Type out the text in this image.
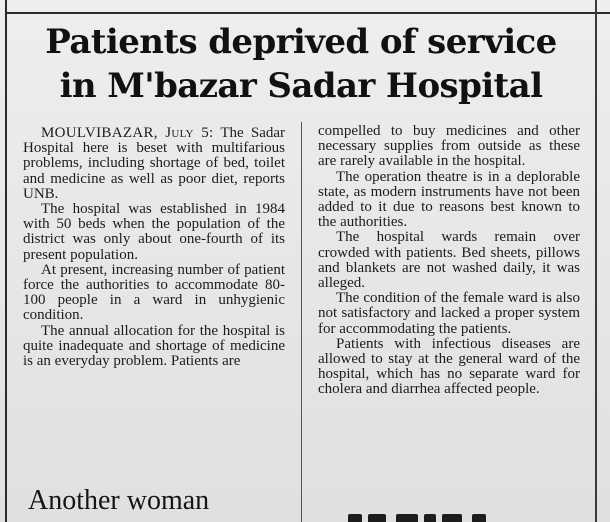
Patients deprived of service
in M'bazar Sadar Hospital

MOULVIBAZAR, July 5: The Sadar Hospital here is beset with multifarious problems, including shortage of bed, toilet and medicine as well as poor diet, reports UNB.

The hospital was established in 1984 with 50 beds when the population of the district was only about one-fourth of its present population.

At present, increasing number of patient force the authorities to accommodate 80-100 people in a ward in unhygienic condition.

The annual allocation for the hospital is quite inadequate and shortage of medicine is an everyday problem. Patients are

compelled to buy medicines and other necessary supplies from outside as these are rarely available in the hospital.

The operation theatre is in a deplorable state, as modern instruments have not been added to it due to reasons best known to the authorities.

The hospital wards remain over crowded with patients. Bed sheets, pillows and blankets are not washed daily, it was alleged.

The condition of the female ward is also not satisfactory and lacked a proper system for accommodating the patients.

Patients with infectious diseases are allowed to stay at the general ward of the hospital, which has no separate ward for cholera and diarrhea affected people.

Another woman
